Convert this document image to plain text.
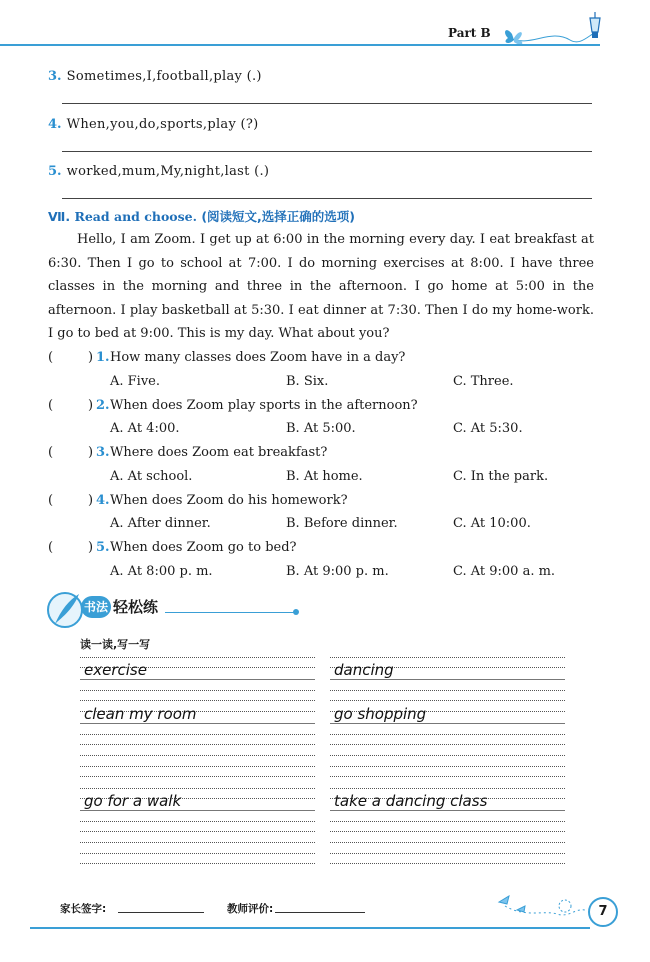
Part B
3. Sometimes,I,football,play (.)
4. When,you,do,sports,play (?)
5. worked,mum,My,night,last (.)
Ⅶ. Read and choose. (阅读短文,选择正确的选项)

Hello, I am Zoom. I get up at 6:00 in the morning every day. I eat breakfast at 6:30. Then I go to school at 7:00. I do morning exercises at 8:00. I have three classes in the morning and three in the afternoon. I go home at 5:00 in the afternoon. I play basketball at 5:30. I eat dinner at 7:30. Then I do my home-work. I go to bed at 9:00. This is my day. What about you?

(	) 1. How many classes does Zoom have in a day?
A. Five.	B. Six.	C. Three.
(	) 2. When does Zoom play sports in the afternoon?
A. At 4:00.	B. At 5:00.	C. At 5:30.
(	) 3. Where does Zoom eat breakfast?
A. At school.	B. At home.	C. In the park.
(	) 4. When does Zoom do his homework?
A. After dinner.	B. Before dinner.	C. At 10:00.
(	) 5. When does Zoom go to bed?
A. At 8:00 p. m.	B. At 9:00 p. m.	C. At 9:00 a. m.
书法 轻松练
读一读,写一写
exercise	dancing
clean my room	go shopping
go for a walk	take a dancing class
家长签字:	教师评价:	7
